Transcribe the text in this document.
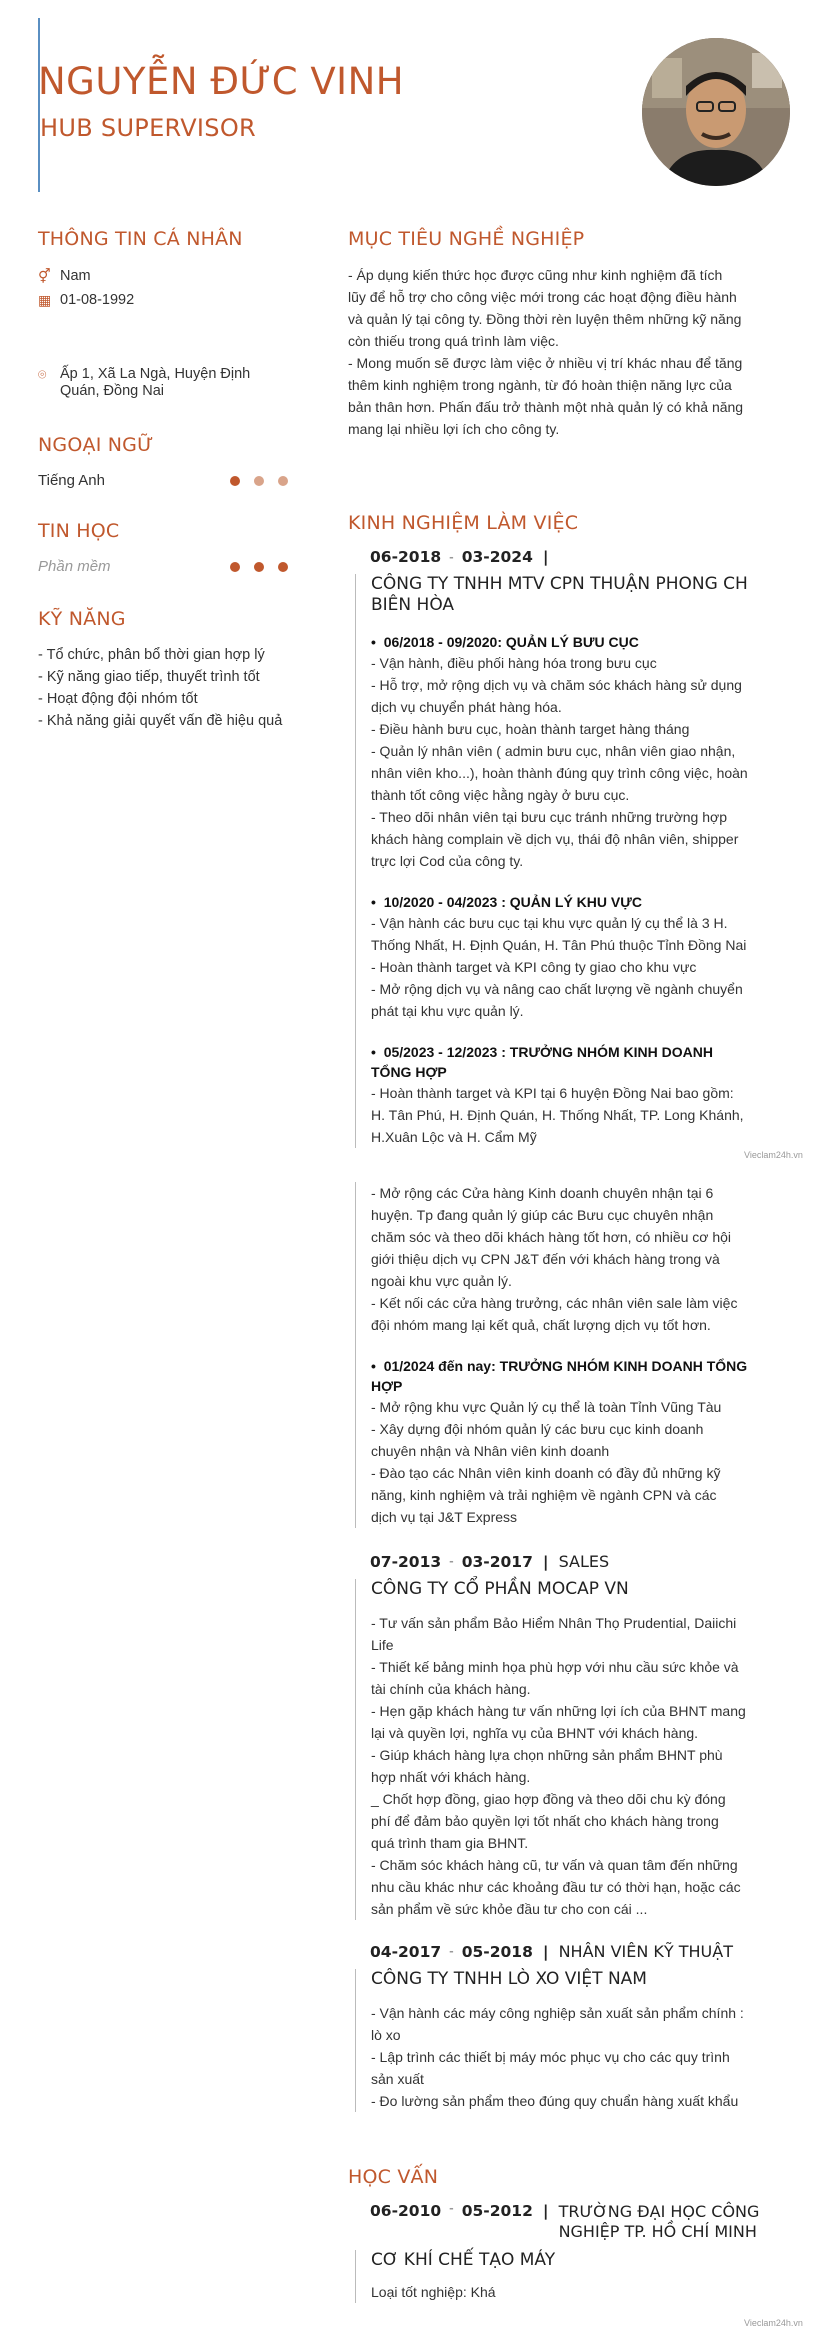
NGUYỄN ĐỨC VINH
HUB SUPERVISOR
THÔNG TIN CÁ NHÂN
⚥ Nam
▦ 01-08-1992
⌾ Ấp 1, Xã La Ngà, Huyện Định Quán, Đồng Nai
NGOẠI NGỮ
Tiếng Anh
TIN HỌC
Phần mềm
KỸ NĂNG
- Tổ chức, phân bổ thời gian hợp lý
- Kỹ năng giao tiếp, thuyết trình tốt
- Hoạt động đội nhóm tốt
- Khả năng giải quyết vấn đề hiệu quả
MỤC TIÊU NGHỀ NGHIỆP
- Áp dụng kiến thức học được cũng như kinh nghiệm đã tích
lũy để hỗ trợ cho công việc mới trong các hoạt động điều hành
và quản lý tại công ty. Đồng thời rèn luyện thêm những kỹ năng
còn thiếu trong quá trình làm việc.
- Mong muốn sẽ được làm việc ở nhiều vị trí khác nhau để tăng
thêm kinh nghiệm trong ngành, từ đó hoàn thiện năng lực của
bản thân hơn. Phấn đấu trở thành một nhà quản lý có khả năng
mang lại nhiều lợi ích cho công ty.
KINH NGHIỆM LÀM VIỆC
06-2018 - 03-2024 |
CÔNG TY TNHH MTV CPN THUẬN PHONG CH
BIÊN HÒA
•  06/2018 - 09/2020: QUẢN LÝ BƯU CỤC
- Vận hành, điều phối hàng hóa trong bưu cục
- Hỗ trợ, mở rộng dịch vụ và chăm sóc khách hàng sử dụng
dịch vụ chuyển phát hàng hóa.
- Điều hành bưu cục, hoàn thành target hàng tháng
- Quản lý nhân viên ( admin bưu cục, nhân viên giao nhận,
nhân viên kho...), hoàn thành đúng quy trình công việc, hoàn
thành tốt công việc hằng ngày ở bưu cục.
- Theo dõi nhân viên tại bưu cục tránh những trường hợp
khách hàng complain về dịch vụ, thái độ nhân viên, shipper
trực lợi Cod của công ty.
•  10/2020 - 04/2023 : QUẢN LÝ KHU VỰC
- Vận hành các bưu cục tại khu vực quản lý cụ thể là 3 H.
Thống Nhất, H. Định Quán, H. Tân Phú thuộc Tỉnh Đồng Nai
- Hoàn thành target và KPI công ty giao cho khu vực
- Mở rộng dịch vụ và nâng cao chất lượng về ngành chuyển
phát tại khu vực quản lý.
•  05/2023 - 12/2023 : TRƯỞNG NHÓM KINH DOANH
TỔNG HỢP
- Hoàn thành target và KPI tại 6 huyện Đồng Nai bao gồm:
H. Tân Phú, H. Định Quán, H. Thống Nhất, TP. Long Khánh,
H.Xuân Lộc và H. Cẩm Mỹ
Vieclam24h.vn
- Mở rộng các Cửa hàng Kinh doanh chuyên nhận tại 6
huyện. Tp đang quản lý giúp các Bưu cục chuyên nhận
chăm sóc và theo dõi khách hàng tốt hơn, có nhiều cơ hội
giới thiệu dịch vụ CPN J&T đến với khách hàng trong và
ngoài khu vực quản lý.
- Kết nối các cửa hàng trưởng, các nhân viên sale làm việc
đội nhóm mang lại kết quả, chất lượng dịch vụ tốt hơn.
•  01/2024 đến nay: TRƯỞNG NHÓM KINH DOANH TỔNG
HỢP
- Mở rộng khu vực Quản lý cụ thể là toàn Tỉnh Vũng Tàu
- Xây dựng đội nhóm quản lý các bưu cục kinh doanh
chuyên nhận và Nhân viên kinh doanh
- Đào tạo các Nhân viên kinh doanh có đầy đủ những kỹ
năng, kinh nghiệm và trải nghiệm về ngành CPN và các
dịch vụ tại J&T Express
07-2013 - 03-2017 | SALES
CÔNG TY CỔ PHẦN MOCAP VN
- Tư vấn sản phẩm Bảo Hiểm Nhân Thọ Prudential, Daiichi
Life
- Thiết kế bảng minh họa phù hợp với nhu cầu sức khỏe và
tài chính của khách hàng.
- Hẹn gặp khách hàng tư vấn những lợi ích của BHNT mang
lại và quyền lợi, nghĩa vụ của BHNT với khách hàng.
- Giúp khách hàng lựa chọn những sản phẩm BHNT phù
hợp nhất với khách hàng.
_ Chốt hợp đồng, giao hợp đồng và theo dõi chu kỳ đóng
phí để đảm bảo quyền lợi tốt nhất cho khách hàng trong
quá trình tham gia BHNT.
- Chăm sóc khách hàng cũ, tư vấn và quan tâm đến những
nhu cầu khác như các khoảng đầu tư có thời hạn, hoặc các
sản phẩm về sức khỏe đầu tư cho con cái ...
04-2017 - 05-2018 | NHÂN VIÊN KỸ THUẬT
CÔNG TY TNHH LÒ XO VIỆT NAM
- Vận hành các máy công nghiệp sản xuất sản phẩm chính :
lò xo
- Lập trình các thiết bị máy móc phục vụ cho các quy trình
sản xuất
- Đo lường sản phẩm theo đúng quy chuẩn hàng xuất khẩu
HỌC VẤN
06-2010 - 05-2012 | TRƯỜNG ĐẠI HỌC CÔNG
NGHIỆP TP. HỒ CHÍ MINH
CƠ KHÍ CHẾ TẠO MÁY
Loại tốt nghiệp: Khá
Vieclam24h.vn
